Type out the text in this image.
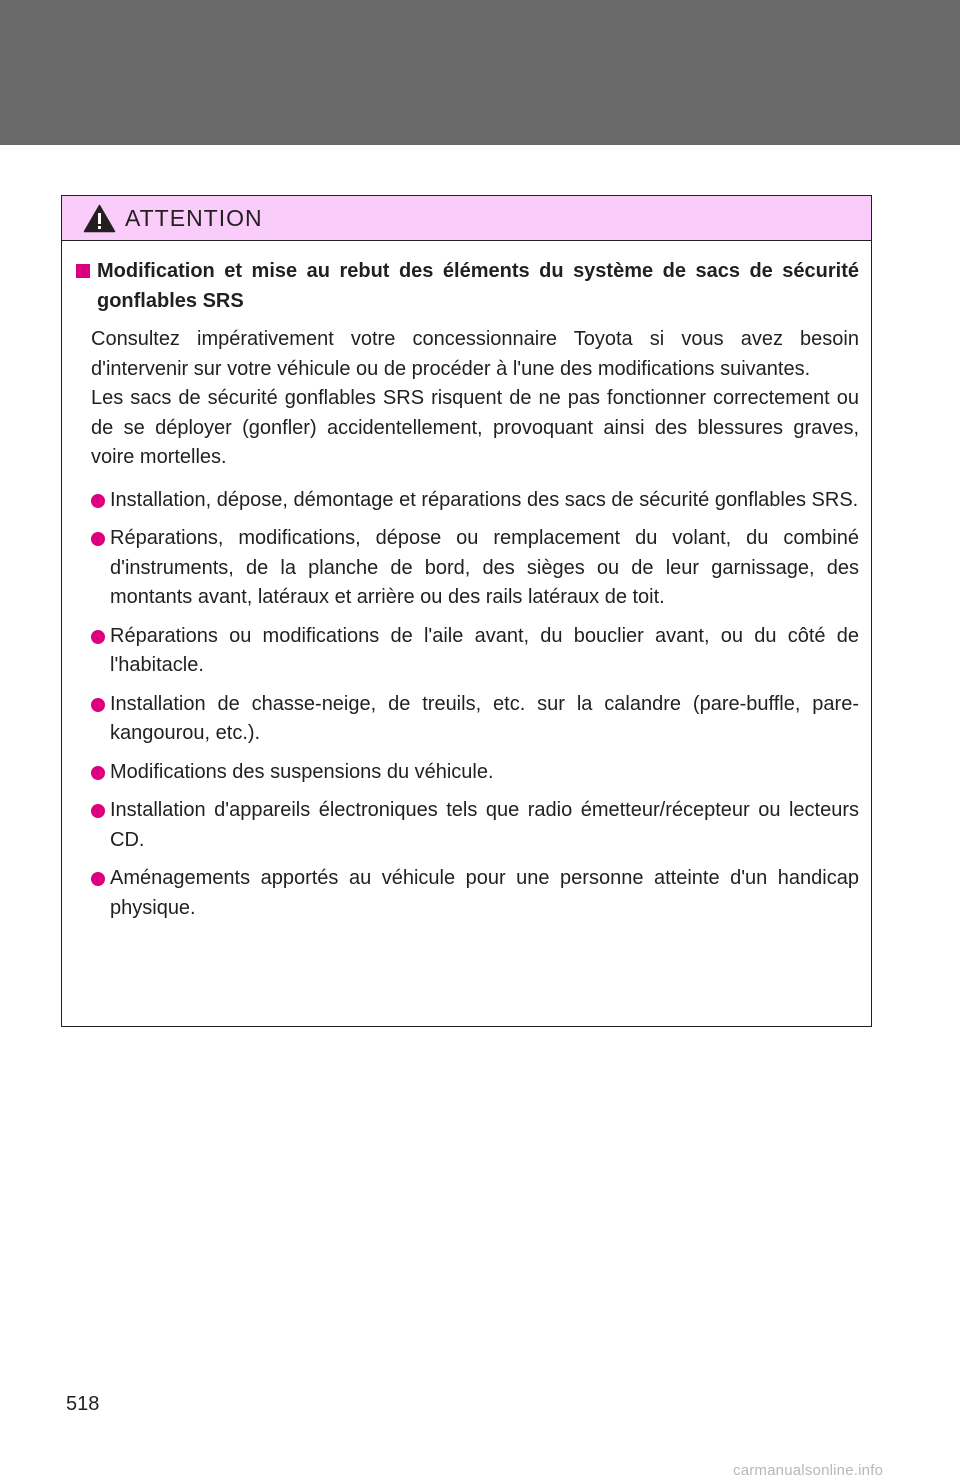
ATTENTION
Modification et mise au rebut des éléments du système de sacs de sécurité gonflables SRS
Consultez impérativement votre concessionnaire Toyota si vous avez besoin d'intervenir sur votre véhicule ou de procéder à l'une des modifications suivantes.
Les sacs de sécurité gonflables SRS risquent de ne pas fonctionner correctement ou de se déployer (gonfler) accidentellement, provoquant ainsi des blessures graves, voire mortelles.
Installation, dépose, démontage et réparations des sacs de sécurité gonflables SRS.
Réparations, modifications, dépose ou remplacement du volant, du combiné d'instruments, de la planche de bord, des sièges ou de leur garnissage, des montants avant, latéraux et arrière ou des rails latéraux de toit.
Réparations ou modifications de l'aile avant, du bouclier avant, ou du côté de l'habitacle.
Installation de chasse-neige, de treuils, etc. sur la calandre (pare-buffle, pare-kangourou, etc.).
Modifications des suspensions du véhicule.
Installation d'appareils électroniques tels que radio émetteur/récepteur ou lecteurs CD.
Aménagements apportés au véhicule pour une personne atteinte d'un handicap physique.
518
carmanualsonline.info
